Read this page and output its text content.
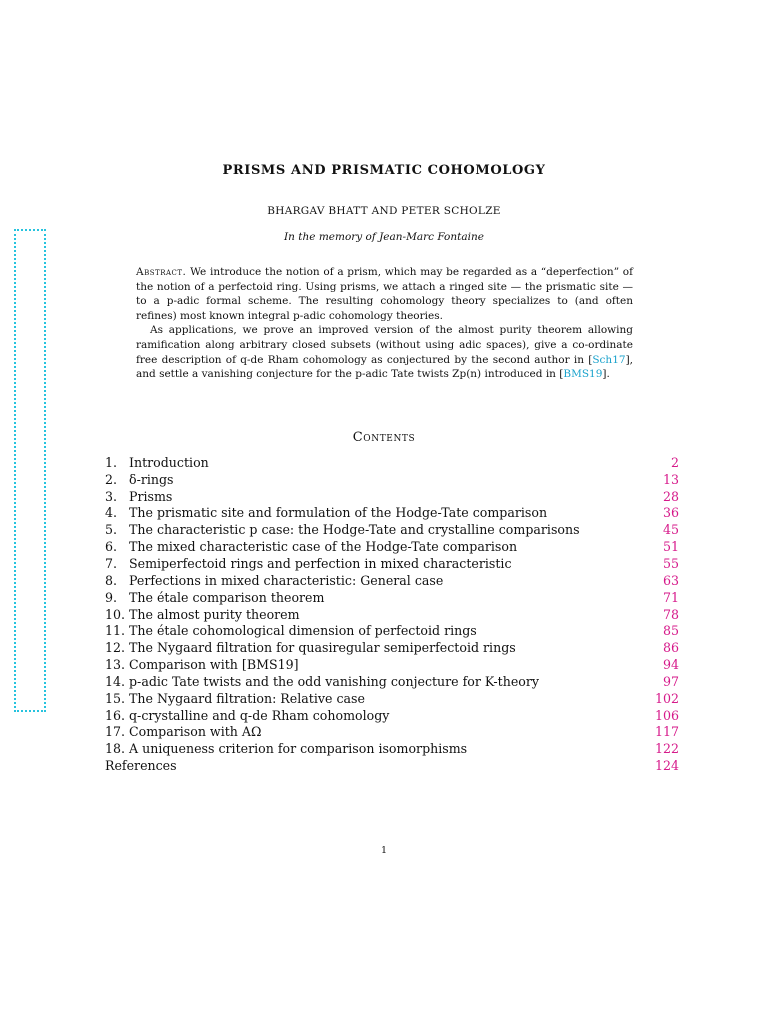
PRISMS AND PRISMATIC COHOMOLOGY
BHARGAV BHATT AND PETER SCHOLZE
In the memory of Jean-Marc Fontaine

Abstract. We introduce the notion of a prism, which may be regarded as a “deperfection” of the notion of a perfectoid ring. Using prisms, we attach a ringed site — the prismatic site — to a p-adic formal scheme. The resulting cohomology theory specializes to (and often refines) most known integral p-adic cohomology theories.

As applications, we prove an improved version of the almost purity theorem allowing ramification along arbitrary closed subsets (without using adic spaces), give a co-ordinate free description of q-de Rham cohomology as conjectured by the second author in [Sch17], and settle a vanishing conjecture for the p-adic Tate twists Zp(n) introduced in [BMS19].

Contents
1. Introduction	2
2. δ-rings	13
3. Prisms	28
4. The prismatic site and formulation of the Hodge-Tate comparison	36
5. The characteristic p case: the Hodge-Tate and crystalline comparisons	45
6. The mixed characteristic case of the Hodge-Tate comparison	51
7. Semiperfectoid rings and perfection in mixed characteristic	55
8. Perfections in mixed characteristic: General case	63
9. The étale comparison theorem	71
10. The almost purity theorem	78
11. The étale cohomological dimension of perfectoid rings	85
12. The Nygaard filtration for quasiregular semiperfectoid rings	86
13. Comparison with [BMS19]	94
14. p-adic Tate twists and the odd vanishing conjecture for K-theory	97
15. The Nygaard filtration: Relative case	102
16. q-crystalline and q-de Rham cohomology	106
17. Comparison with AΩ	117
18. A uniqueness criterion for comparison isomorphisms	122
References	124
1
